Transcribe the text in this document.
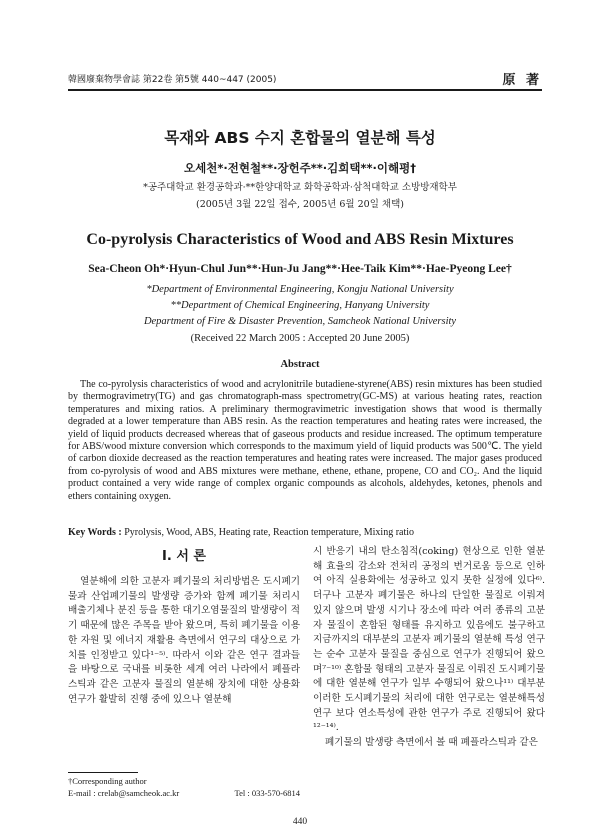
韓國廢棄物學會誌 第22卷 第5號 440~447 (2005)	原 著
목재와 ABS 수지 혼합물의 열분해 특성
오세천*·전현철**·장헌주**·김희택**·이해평†
*공주대학교 환경공학과·**한양대학교 화학공학과·삼척대학교 소방방재학부
(2005년 3월 22일 접수, 2005년 6월 20일 채택)
Co-pyrolysis Characteristics of Wood and ABS Resin Mixtures
Sea-Cheon Oh*·Hyun-Chul Jun**·Hun-Ju Jang**·Hee-Taik Kim**·Hae-Pyeong Lee†
*Department of Environmental Engineering, Kongju National University
**Department of Chemical Engineering, Hanyang University
Department of Fire & Disaster Prevention, Samcheok National University
(Received 22 March 2005 : Accepted 20 June 2005)
Abstract
The co-pyrolysis characteristics of wood and acrylonitrile butadiene-styrene(ABS) resin mixtures has been studied by thermogravimetry(TG) and gas chromatograph-mass spectrometry(GC-MS) at various heating rates, reaction temperatures and mixing ratios. A preliminary thermogravimetric investigation shows that wood is thermally degraded at a lower temperature than ABS resin. As the reaction temperatures and heating rates were increased, the yield of liquid products decreased whereas that of gaseous products and residue increased. The optimum temperature for ABS/wood mixture conversion which corresponds to the maximum yield of liquid products was 500℃. The yield of carbon dioxide decreased as the reaction temperatures and heating rates were increased. The major gases produced from co-pyrolysis of wood and ABS mixtures were methane, ethene, ethane, propene, CO and CO₂. And the liquid product contained a very wide range of complex organic compounds as alcohols, aldehydes, ketones, phenols and ethers containing oxygen.
Key Words : Pyrolysis, Wood, ABS, Heating rate, Reaction temperature, Mixing ratio
I. 서 론

열분해에 의한 고분자 폐기물의 처리방법은 도시폐기물과 산업폐기물의 발생량 증가와 함께 폐기물 처리시 배출기체나 분진 등을 통한 대기오염물질의 발생량이 적기 때문에 많은 주목을 받아 왔으며, 특히 폐기물을 이용한 자원 및 에너지 재활용 측면에서 연구의 대상으로 가치를 인정받고 있다¹⁻⁵⁾. 따라서 이와 같은 연구 결과들을 바탕으로 국내를 비롯한 세계 여러 나라에서 폐플라스틱과 같은 고분자 물질의 열분해 장치에 대한 상용화 연구가 활발히 진행 중에 있으나 열분해

시 반응기 내의 탄소침적(coking) 현상으로 인한 열분해 효율의 감소와 전처리 공정의 번거로움 등으로 인하여 아직 실용화에는 성공하고 있지 못한 실정에 있다⁶⁾. 더구나 고분자 폐기물은 하나의 단일한 물질로 이뤄져 있지 않으며 발생 시기나 장소에 따라 여러 종류의 고분자 물질이 혼합된 형태를 유지하고 있음에도 불구하고 지금까지의 대부분의 고분자 폐기물의 열분해 특성 연구는 순수 고분자 물질을 중심으로 연구가 진행되어 왔으며⁷⁻¹⁰⁾ 혼합물 형태의 고분자 물질로 이뤄진 도시폐기물에 대한 열분해 연구가 일부 수행되어 왔으나¹¹⁾ 대부분 이러한 도시폐기물의 처리에 대한 연구로는 열분해특성 연구 보다 연소특성에 관한 연구가 주로 진행되어 왔다¹²⁻¹⁴⁾.

폐기물의 발생량 측면에서 볼 때 폐플라스틱과 같은

†Corresponding author
E-mail : crelab@samcheok.ac.kr	Tel : 033-570-6814
440
